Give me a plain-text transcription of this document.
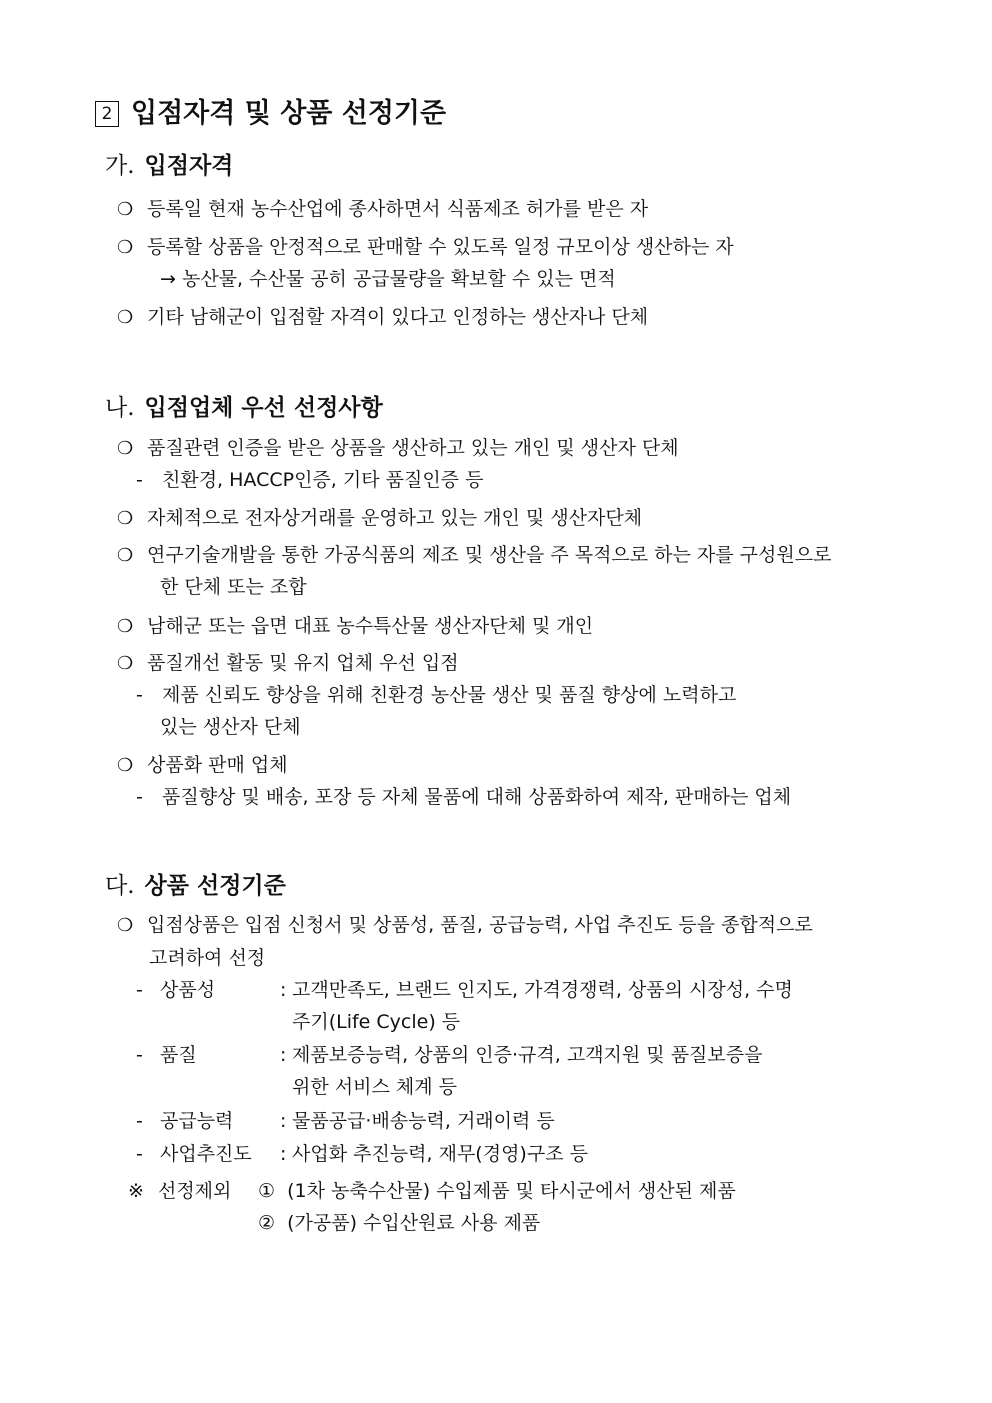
2 입점자격 및 상품 선정기준
가. 입점자격
❍ 등록일 현재 농수산업에 종사하면서 식품제조 허가를 받은 자
❍ 등록할 상품을 안정적으로 판매할 수 있도록 일정 규모이상 생산하는 자
→ 농산물, 수산물 공히 공급물량을 확보할 수 있는 면적
❍ 기타 남해군이 입점할 자격이 있다고 인정하는 생산자나 단체
나. 입점업체 우선 선정사항
❍ 품질관련 인증을 받은 상품을 생산하고 있는 개인 및 생산자 단체
- 친환경, HACCP인증, 기타 품질인증 등
❍ 자체적으로 전자상거래를 운영하고 있는 개인 및 생산자단체
❍ 연구기술개발을 통한 가공식품의 제조 및 생산을 주 목적으로 하는 자를 구성원으로
한 단체 또는 조합
❍ 남해군 또는 읍면 대표 농수특산물 생산자단체 및 개인
❍ 품질개선 활동 및 유지 업체 우선 입점
- 제품 신뢰도 향상을 위해 친환경 농산물 생산 및 품질 향상에 노력하고
있는 생산자 단체
❍ 상품화 판매 업체
- 품질향상 및 배송, 포장 등 자체 물품에 대해 상품화하여 제작, 판매하는 업체
다. 상품 선정기준
❍ 입점상품은 입점 신청서 및 상품성, 품질, 공급능력, 사업 추진도 등을 종합적으로
고려하여 선정
- 상품성	: 고객만족도, 브랜드 인지도, 가격경쟁력, 상품의 시장성, 수명
주기(Life Cycle) 등
- 품질	: 제품보증능력, 상품의 인증·규격, 고객지원 및 품질보증을
위한 서비스 체계 등
- 공급능력	: 물품공급·배송능력, 거래이력 등
- 사업추진도	: 사업화 추진능력, 재무(경영)구조 등
※ 선정제외 ① (1차 농축수산물) 수입제품 및 타시군에서 생산된 제품
② (가공품) 수입산원료 사용 제품
